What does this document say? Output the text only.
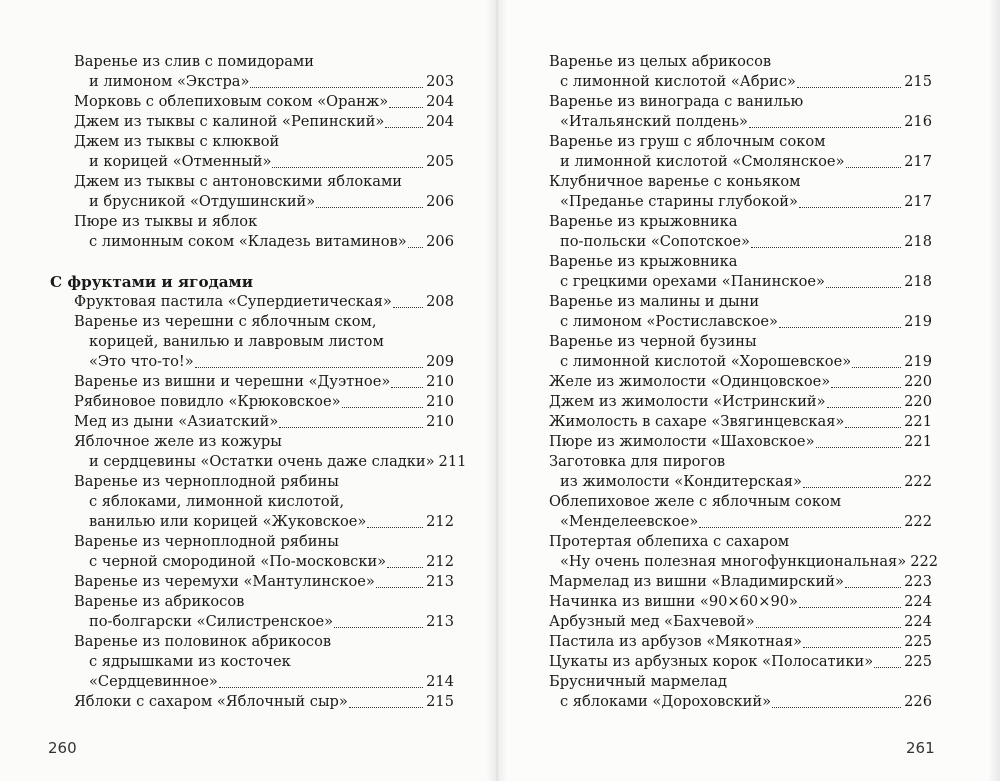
Варенье из слив с помидорами
и лимоном «Экстра»	203
Морковь с облепиховым соком «Оранж»	204
Джем из тыквы с калиной «Репинский»	204
Джем из тыквы с клюквой
и корицей «Отменный»	205
Джем из тыквы с антоновскими яблоками
и брусникой «Отдушинский»	206
Пюре из тыквы и яблок
с лимонным соком «Кладезь витаминов» 206
С фруктами и ягодами
Фруктовая пастила «Супердиетическая» 208
Варенье из черешни с яблочным ском,
корицей, ванилью и лавровым листом
«Это что-то!»	209
Варенье из вишни и черешни «Дуэтное» 210
Рябиновое повидло «Крюковское»	210
Мед из дыни «Азиатский»	210
Яблочное желе из кожуры
и сердцевины «Остатки очень даже сладки» 211
Варенье из черноплодной рябины
с яблоками, лимонной кислотой,
ванилью или корицей «Жуковское»	212
Варенье из черноплодной рябины
с черной смородиной «По-московски»	212
Варенье из черемухи «Мантулинское»	213
Варенье из абрикосов
по-болгарски «Силистренское»	213
Варенье из половинок абрикосов
с ядрышками из косточек
«Сердцевинное»	214
Яблоки с сахаром «Яблочный сыр»	215
Варенье из целых абрикосов
с лимонной кислотой «Абрис»	215
Варенье из винограда с ванилью
«Итальянский полдень»	216
Варенье из груш с яблочным соком
и лимонной кислотой «Смолянское»	217
Клубничное варенье с коньяком
«Преданье старины глубокой»	217
Варенье из крыжовника
по-польски «Сопотское»	218
Варенье из крыжовника
с грецкими орехами «Панинское»	218
Варенье из малины и дыни
с лимоном «Ростиславское»	219
Варенье из черной бузины
с лимонной кислотой «Хорошевское»	219
Желе из жимолости «Одинцовское»	220
Джем из жимолости «Истринский»	220
Жимолость в сахаре «Звягинцевская»	221
Пюре из жимолости «Шаховское»	221
Заготовка для пирогов
из жимолости «Кондитерская»	222
Облепиховое желе с яблочным соком
«Менделеевское»	222
Протертая облепиха с сахаром
«Ну очень полезная многофункциональная» 222
Мармелад из вишни «Владимирский»	223
Начинка из вишни «90×60×90»	224
Арбузный мед «Бахчевой»	224
Пастила из арбузов «Мякотная»	225
Цукаты из арбузных корок «Полосатики» 225
Брусничный мармелад
с яблоками «Дороховский»	226
260	261
